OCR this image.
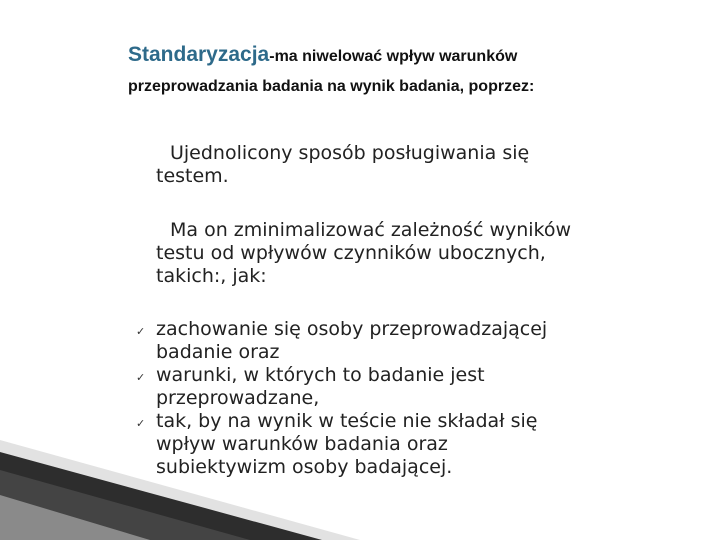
Standaryzacja-ma niwelować wpływ warunków
przeprowadzania badania na wynik badania, poprzez:
Ujednolicony sposób posługiwania się
testem.
Ma on zminimalizować zależność wyników
testu od wpływów czynników ubocznych,
takich:, jak:
✓ zachowanie się osoby przeprowadzającej
badanie oraz
✓ warunki, w których to badanie jest
przeprowadzane,
✓ tak, by na wynik w teście nie składał się
wpływ warunków badania oraz
subiektywizm osoby badającej.
